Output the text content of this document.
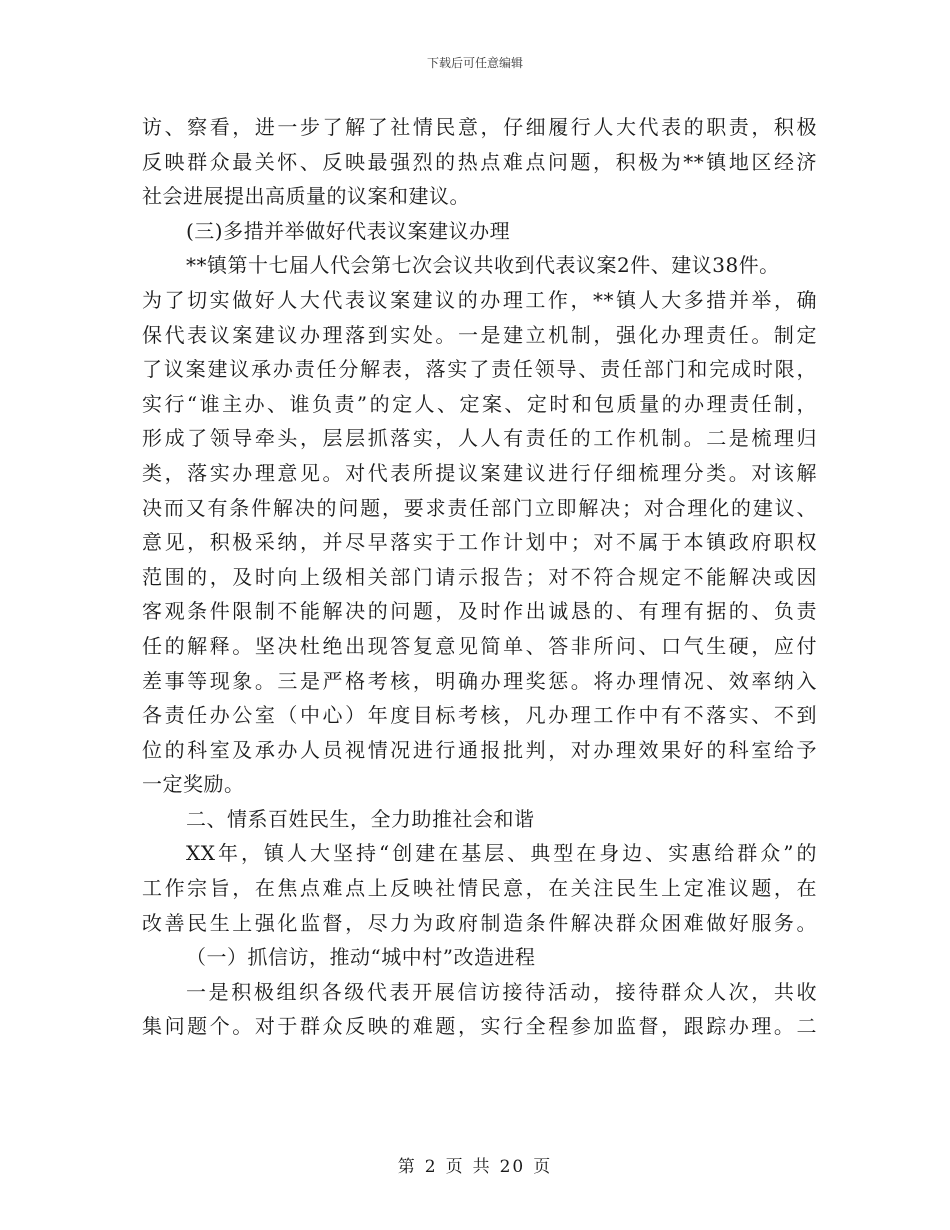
下载后可任意编辑
访、察看，进一步了解了社情民意，仔细履行人大代表的职责，积极
反映群众最关怀、反映最强烈的热点难点问题，积极为**镇地区经济
社会进展提出高质量的议案和建议。
(三)多措并举做好代表议案建议办理
**镇第十七届人代会第七次会议共收到代表议案2件、建议38件。
为了切实做好人大代表议案建议的办理工作，**镇人大多措并举，确
保代表议案建议办理落到实处。一是建立机制，强化办理责任。制定
了议案建议承办责任分解表，落实了责任领导、责任部门和完成时限，
实行“谁主办、谁负责”的定人、定案、定时和包质量的办理责任制，
形成了领导牵头，层层抓落实，人人有责任的工作机制。二是梳理归
类，落实办理意见。对代表所提议案建议进行仔细梳理分类。对该解
决而又有条件解决的问题，要求责任部门立即解决；对合理化的建议、
意见，积极采纳，并尽早落实于工作计划中；对不属于本镇政府职权
范围的，及时向上级相关部门请示报告；对不符合规定不能解决或因
客观条件限制不能解决的问题，及时作出诚恳的、有理有据的、负责
任的解释。坚决杜绝出现答复意见简单、答非所问、口气生硬，应付
差事等现象。三是严格考核，明确办理奖惩。将办理情况、效率纳入
各责任办公室（中心）年度目标考核，凡办理工作中有不落实、不到
位的科室及承办人员视情况进行通报批判，对办理效果好的科室给予
一定奖励。
二、情系百姓民生，全力助推社会和谐
XX年，镇人大坚持“创建在基层、典型在身边、实惠给群众”的
工作宗旨，在焦点难点上反映社情民意，在关注民生上定准议题，在
改善民生上强化监督，尽力为政府制造条件解决群众困难做好服务。
（一）抓信访，推动“城中村”改造进程
一是积极组织各级代表开展信访接待活动，接待群众人次，共收
集问题个。对于群众反映的难题，实行全程参加监督，跟踪办理。二
第 2 页 共 20 页
